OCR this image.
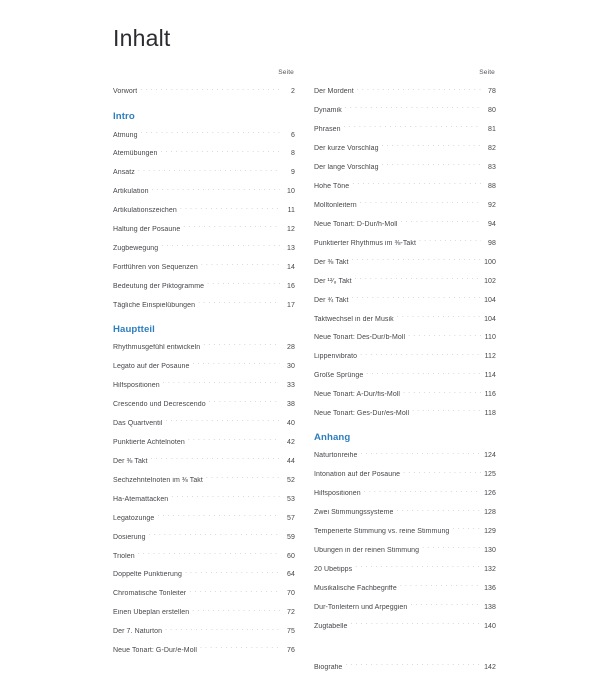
Inhalt
Seite
Vorwort . . .	2
Intro
Atmung . . .	6
Atemübungen . . .	8
Ansatz . . .	9
Artikulation . . .	10
Artikulationszeichen . . .	11
Haltung der Posaune . . .	12
Zugbewegung . . .	13
Fortführen von Sequenzen . . .	14
Bedeutung der Piktogramme . . .	16
Tägliche Einspielübungen . . .	17
Hauptteil
Rhythmusgefühl entwickeln . . .	28
Legato auf der Posaune . . .	30
Hilfspositionen . . .	33
Crescendo und Decrescendo . . .	38
Das Quartventil . . .	40
Punktierte Achtelnoten . . .	42
Der ⅜ Takt . . .	44
Sechzehntelnoten im ⅜ Takt . . .	52
Ha-Atemattacken . . .	53
Legatozunge . . .	57
Dosierung . . .	59
Triolen . . .	60
Doppelte Punktierung . . .	64
Chromatische Tonleiter . . .	70
Einen Übeplan erstellen . . .	72
Der 7. Naturton . . .	75
Neue Tonart: G-Dur/e-Moll . . .	76
Seite
Der Mordent . . .	78
Dynamik . . .	80
Phrasen . . .	81
Der kurze Vorschlag . . .	82
Der lange Vorschlag . . .	83
Hohe Töne . . .	88
Molltonleitern . . .	92
Neue Tonart: D-Dur/h-Moll . . .	94
Punktierter Rhythmus im ⅜-Takt . . .	98
Der ⅜ Takt . . .	100
Der ¹²⁄₈ Takt . . .	102
Der ¾ Takt . . .	104
Taktwechsel in der Musik . . .	104
Neue Tonart: Des-Dur/b-Moll . . .	110
Lippenvibrato . . .	112
Große Sprünge . . .	114
Neue Tonart: A-Dur/fis-Moll . . .	116
Neue Tonart: Ges-Dur/es-Moll . . .	118
Anhang
Naturtonreihe . . .	124
Intonation auf der Posaune . . .	125
Hilfspositionen . . .	126
Zwei Stimmungssysteme . . .	128
Temperierte Stimmung vs. reine Stimmung . . .	129
Übungen in der reinen Stimmung . . .	130
20 Übetipps . . .	132
Musikalische Fachbegriffe . . .	136
Dur-Tonleitern und Arpeggien . . .	138
Zugtabelle . . .	140
Biografie . . .	142
